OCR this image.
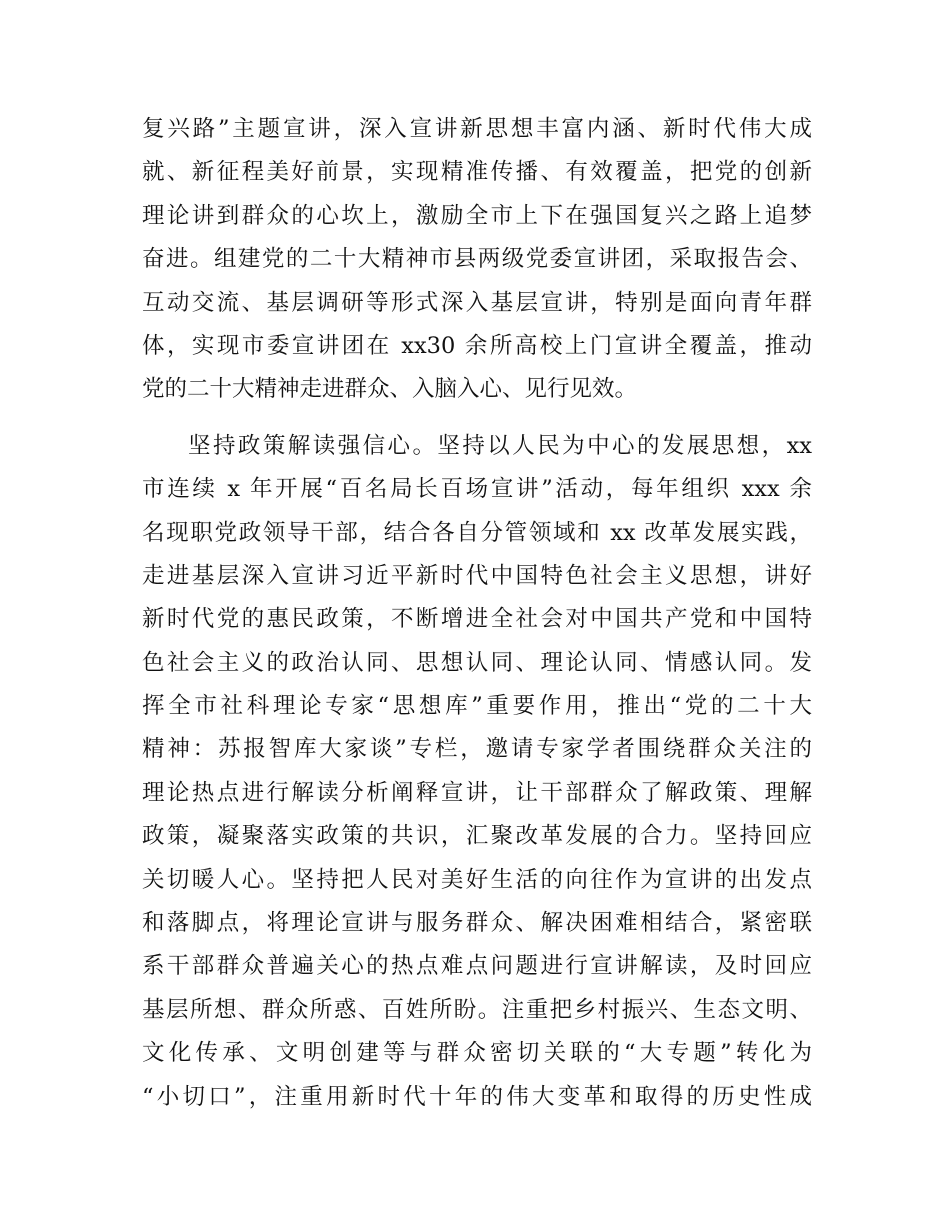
复兴路”主题宣讲，深入宣讲新思想丰富内涵、新时代伟大成
就、新征程美好前景，实现精准传播、有效覆盖，把党的创新
理论讲到群众的心坎上，激励全市上下在强国复兴之路上追梦
奋进。组建党的二十大精神市县两级党委宣讲团，采取报告会、
互动交流、基层调研等形式深入基层宣讲，特别是面向青年群
体，实现市委宣讲团在 xx30 余所高校上门宣讲全覆盖，推动
党的二十大精神走进群众、入脑入心、见行见效。
坚持政策解读强信心。坚持以人民为中心的发展思想，xx
市连续 x 年开展“百名局长百场宣讲”活动，每年组织 xxx 余
名现职党政领导干部，结合各自分管领域和 xx 改革发展实践，
走进基层深入宣讲习近平新时代中国特色社会主义思想，讲好
新时代党的惠民政策，不断增进全社会对中国共产党和中国特
色社会主义的政治认同、思想认同、理论认同、情感认同。发
挥全市社科理论专家“思想库”重要作用，推出“党的二十大
精神：苏报智库大家谈”专栏，邀请专家学者围绕群众关注的
理论热点进行解读分析阐释宣讲，让干部群众了解政策、理解
政策，凝聚落实政策的共识，汇聚改革发展的合力。坚持回应
关切暖人心。坚持把人民对美好生活的向往作为宣讲的出发点
和落脚点，将理论宣讲与服务群众、解决困难相结合，紧密联
系干部群众普遍关心的热点难点问题进行宣讲解读，及时回应
基层所想、群众所惑、百姓所盼。注重把乡村振兴、生态文明、
文化传承、文明创建等与群众密切关联的“大专题”转化为
“小切口”，注重用新时代十年的伟大变革和取得的历史性成
